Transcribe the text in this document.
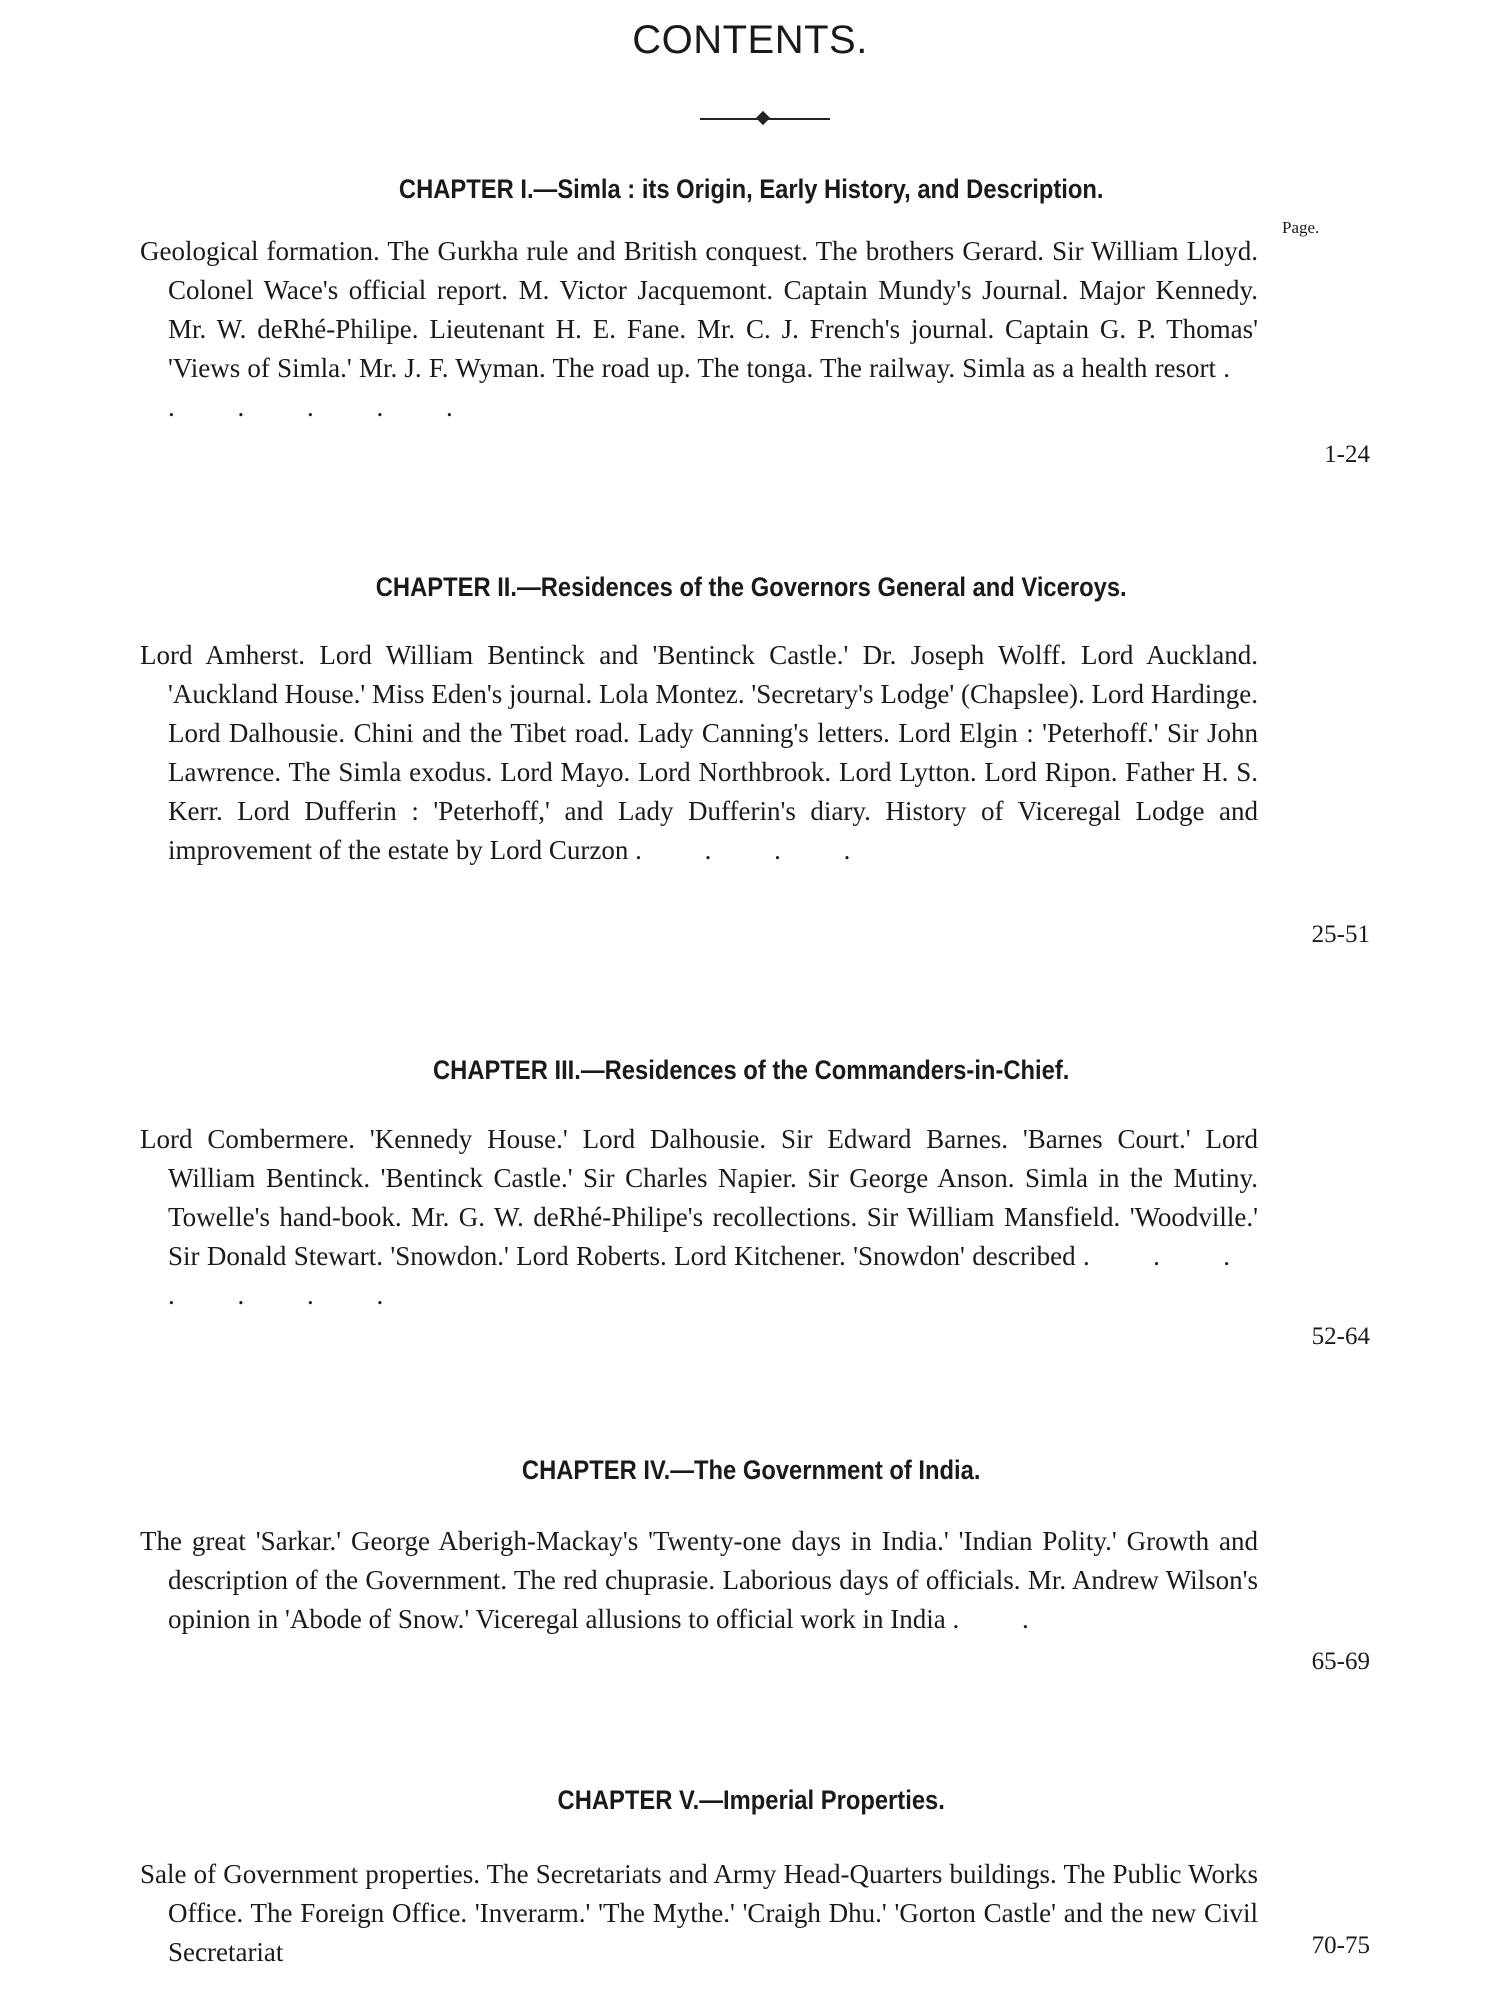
CONTENTS.
Page.
CHAPTER I.—Simla : its Origin, Early History, and Description.
Geological formation. The Gurkha rule and British conquest. The brothers Gerard. Sir William Lloyd. Colonel Wace's official report. M. Victor Jacquemont. Captain Mundy's Journal. Major Kennedy. Mr. W. deRhé-Philipe. Lieutenant H. E. Fane. Mr. C. J. French's journal. Captain G. P. Thomas' 'Views of Simla.' Mr. J. F. Wyman. The road up. The tonga. The railway. Simla as a health resort . . . . . .
1-24
CHAPTER II.—Residences of the Governors General and Viceroys.
Lord Amherst. Lord William Bentinck and 'Bentinck Castle.' Dr. Joseph Wolff. Lord Auckland. 'Auckland House.' Miss Eden's journal. Lola Montez. 'Secretary's Lodge' (Chapslee). Lord Hardinge. Lord Dalhousie. Chini and the Tibet road. Lady Canning's letters. Lord Elgin : 'Peterhoff.' Sir John Lawrence. The Simla exodus. Lord Mayo. Lord Northbrook. Lord Lytton. Lord Ripon. Father H. S. Kerr. Lord Dufferin : 'Peterhoff,' and Lady Dufferin's diary. History of Viceregal Lodge and improvement of the estate by Lord Curzon . . . .
25-51
CHAPTER III.—Residences of the Commanders-in-Chief.
Lord Combermere. 'Kennedy House.' Lord Dalhousie. Sir Edward Barnes. 'Barnes Court.' Lord William Bentinck. 'Bentinck Castle.' Sir Charles Napier. Sir George Anson. Simla in the Mutiny. Towelle's hand-book. Mr. G. W. deRhé-Philipe's recollections. Sir William Mansfield. 'Woodville.' Sir Donald Stewart. 'Snowdon.' Lord Roberts. Lord Kitchener. 'Snowdon' described . . . . . . .
52-64
CHAPTER IV.—The Government of India.
The great 'Sarkar.' George Aberigh-Mackay's 'Twenty-one days in India.' 'Indian Polity.' Growth and description of the Government. The red chuprasie. Laborious days of officials. Mr. Andrew Wilson's opinion in 'Abode of Snow.' Viceregal allusions to official work in India . .
65-69
CHAPTER V.—Imperial Properties.
Sale of Government properties. The Secretariats and Army Head-Quarters buildings. The Public Works Office. The Foreign Office. 'Inverarm.' 'The Mythe.' 'Craigh Dhu.' 'Gorton Castle' and the new Civil Secretariat	70-75
